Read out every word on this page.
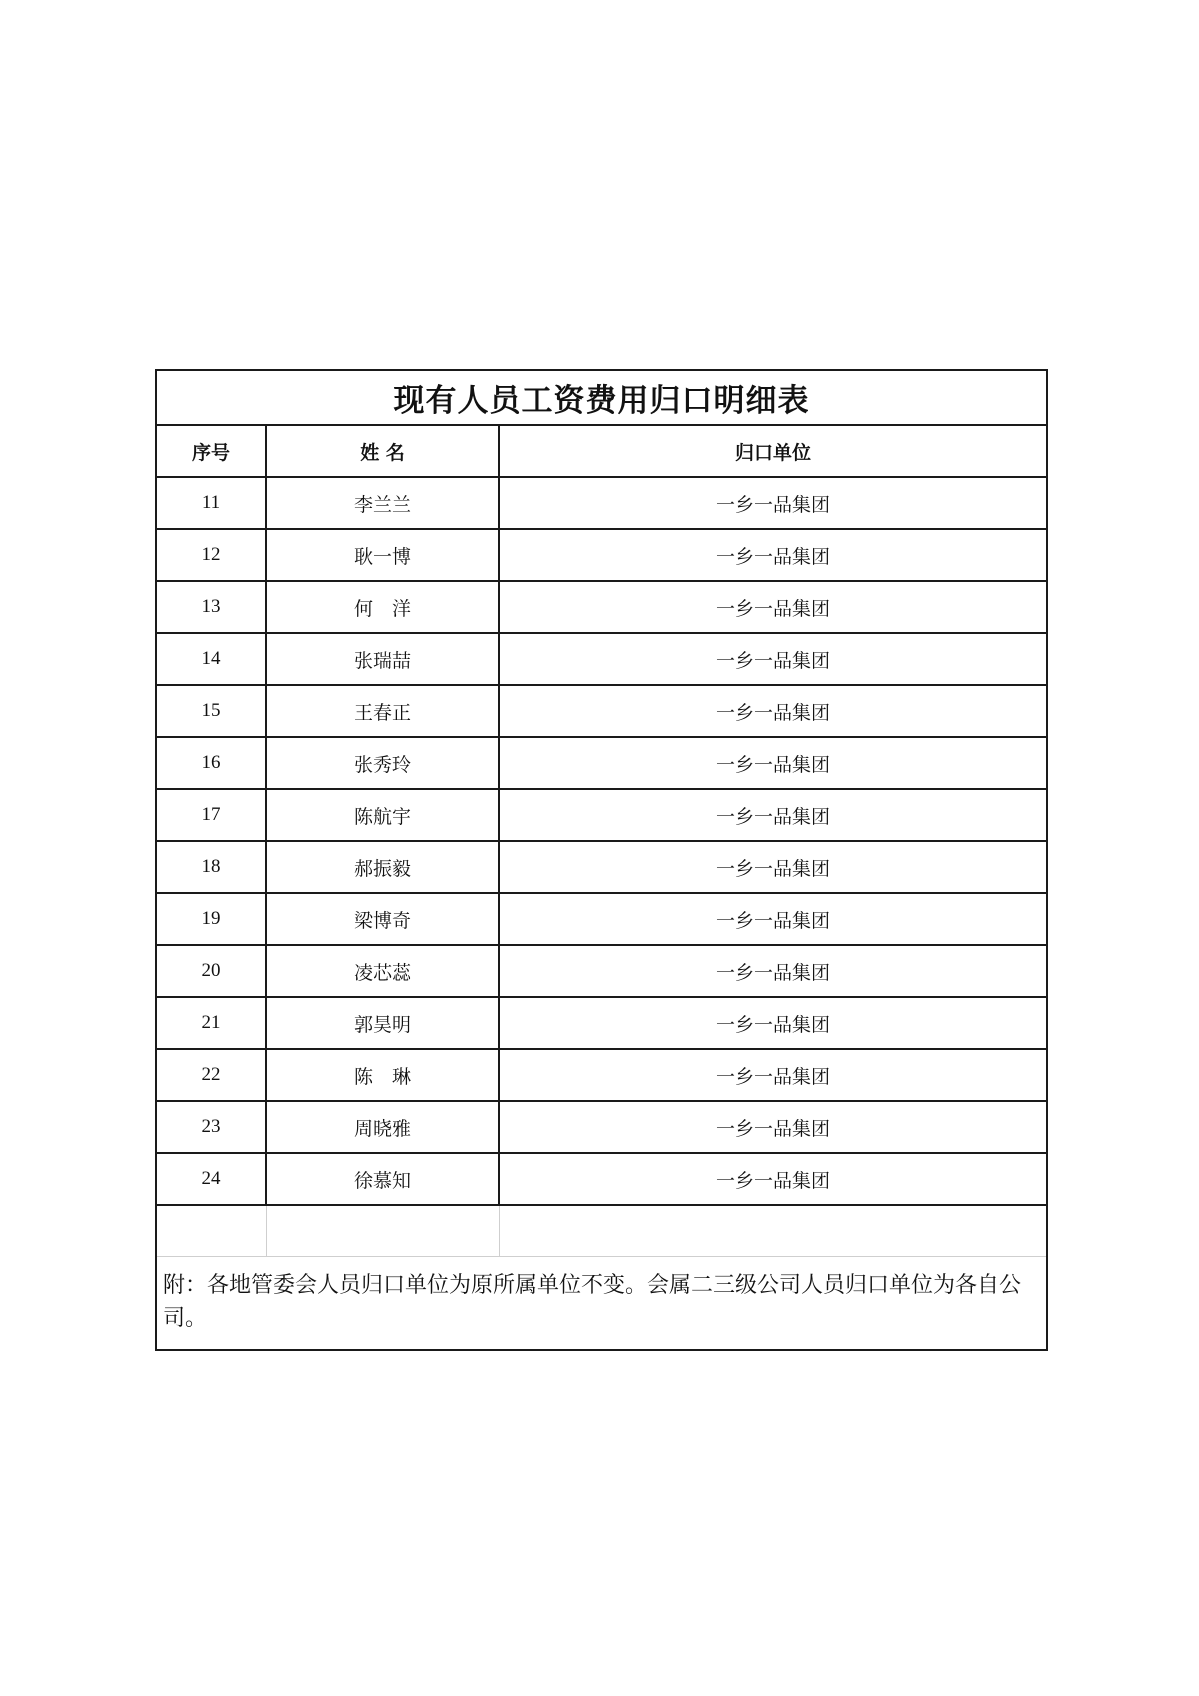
现有人员工资费用归口明细表
序号	姓 名	归口单位
11	李兰兰	一乡一品集团
12	耿一博	一乡一品集团
13	何　洋	一乡一品集团
14	张瑞喆	一乡一品集团
15	王春正	一乡一品集团
16	张秀玲	一乡一品集团
17	陈航宇	一乡一品集团
18	郝振毅	一乡一品集团
19	梁博奇	一乡一品集团
20	凌芯蕊	一乡一品集团
21	郭昊明	一乡一品集团
22	陈　琳	一乡一品集团
23	周晓雅	一乡一品集团
24	徐慕知	一乡一品集团

附：各地管委会人员归口单位为原所属单位不变。会属二三级公司人员归口单位为各自公司。
